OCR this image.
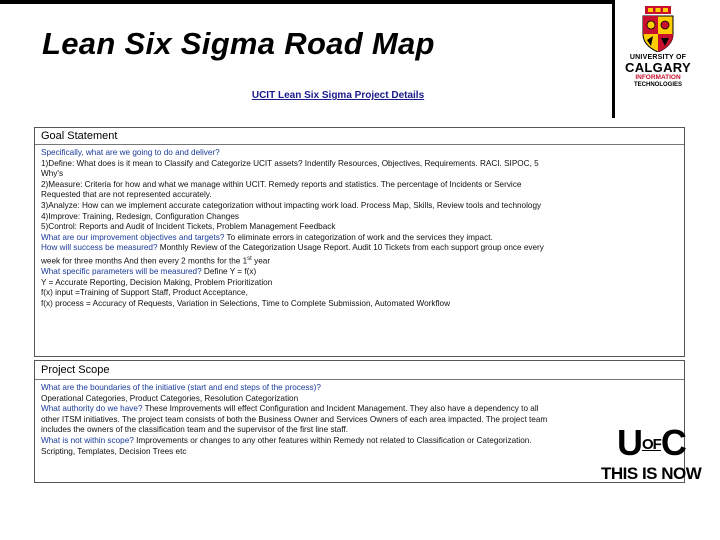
Lean Six Sigma Road Map	UNIVERSITY OF
CALGARY
INFORMATION
TECHNOLOGIES
UCIT Lean Six Sigma Project Details
Goal Statement
Specifically, what are we going to do and deliver?
1)Define: What does is it mean to Classify and Categorize UCIT assets? Indentify Resources, Objectives, Requirements. RACI. SIPOC, 5
Why's
2)Measure: Criteria for how and what we manage within UCIT. Remedy reports and statistics. The percentage of Incidents or Service
Requested that are not represented accurately.
3)Analyze: How can we implement accurate categorization without impacting work load. Process Map, Skills, Review tools and technology
4)Improve: Training, Redesign, Configuration Changes
5)Control: Reports and Audit of Incident Tickets, Problem Management Feedback
What are our improvement objectives and targets? To eliminate errors in categorization of work and the services they impact.
How will success be measured? Monthly Review of the Categorization Usage Report. Audit 10 Tickets from each support group once every
week for three months And then every 2 months for the 1st year
What specific parameters will be measured? Define Y = f(x)
Y = Accurate Reporting, Decision Making, Problem Prioritization
f(x) input =Training of Support Staff, Product Acceptance,
f(x) process = Accuracy of Requests, Variation in Selections, Time to Complete Submission, Automated Workflow
Project Scope
What are the boundaries of the initiative (start and end steps of the process)?
Operational Categories, Product Categories, Resolution Categorization
What authority do we have? These Improvements will effect Configuration and Incident Management. They also have a dependency to all
other ITSM initiatives. The project team consists of both the Business Owner and Services Owners of each area impacted. The project team
includes the owners of the classification team and the supervisor of the first line staff.
What is not within scope? Improvements or changes to any other features within Remedy not related to Classification or Categorization.
Scripting, Templates, Decision Trees etc	$U^{OF}C$
THIS IS NOW
